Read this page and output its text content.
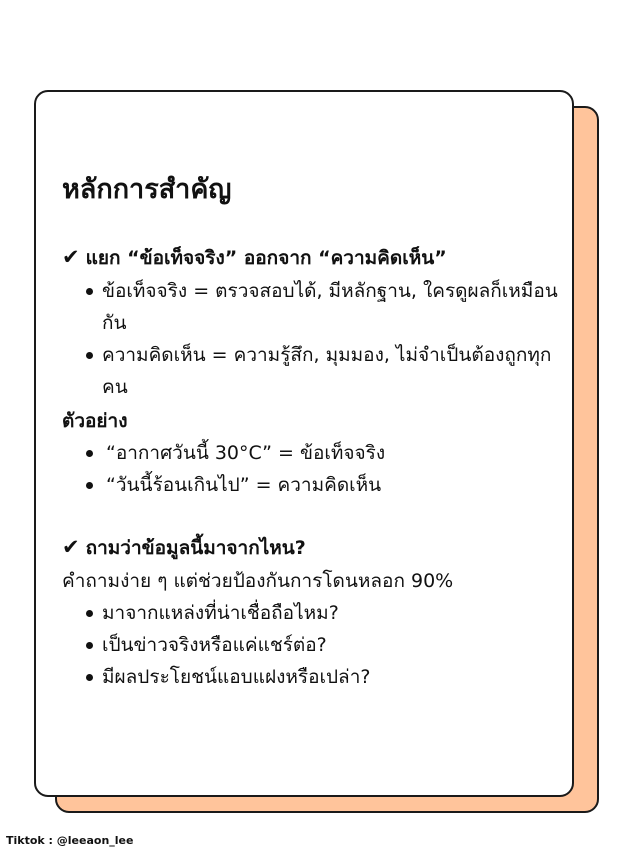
หลักการสำคัญ

✔ แยก “ข้อเท็จจริง” ออกจาก “ความคิดเห็น”

ข้อเท็จจริง = ตรวจสอบได้, มีหลักฐาน, ใครดูผลก็เหมือนกัน
ความคิดเห็น = ความรู้สึก, มุมมอง, ไม่จำเป็นต้องถูกทุกคน

ตัวอย่าง

“อากาศวันนี้ 30°C” = ข้อเท็จจริง
“วันนี้ร้อนเกินไป” = ความคิดเห็น

✔ ถามว่าข้อมูลนี้มาจากไหน?

คำถามง่าย ๆ แต่ช่วยป้องกันการโดนหลอก 90%

มาจากแหล่งที่น่าเชื่อถือไหม?
เป็นข่าวจริงหรือแค่แชร์ต่อ?
มีผลประโยชน์แอบแฝงหรือเปล่า?

Tiktok : @leeaon_lee
